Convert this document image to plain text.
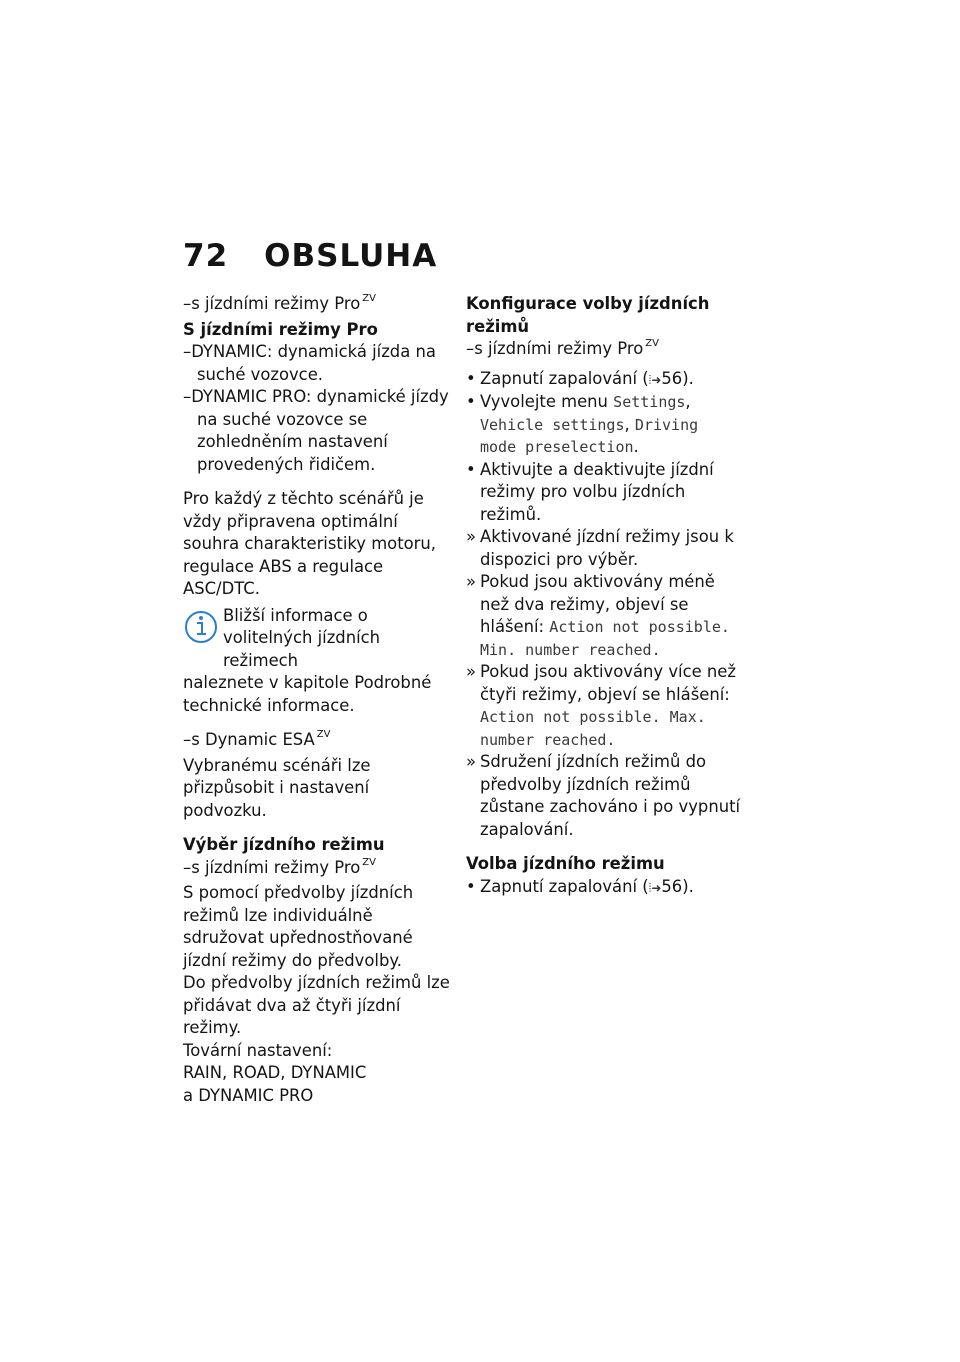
72 OBSLUHA
–s jízdními režimy Pro $^{ZV}$
S jízdními režimy Pro
–DYNAMIC: dynamická jízda na suché vozovce.
–DYNAMIC PRO: dynamické jízdy na suché vozovce se zohledněním nastavení provedených řidičem.
Pro každý z těchto scénářů je vždy připravena optimální souhra charakteristiky motoru, regulace ABS a regulace ASC/DTC.
Bližší informace o volitelných jízdních režimech
naleznete v kapitole Podrobné technické informace.
–s Dynamic ESA $^{ZV}$
Vybranému scénáři lze přizpůsobit i nastavení podvozku.
Výběr jízdního režimu
–s jízdními režimy Pro $^{ZV}$
S pomocí předvolby jízdních režimů lze individuálně sdružovat upřednostňované jízdní režimy do předvolby.
Do předvolby jízdních režimů lze přidávat dva až čtyři jízdní režimy.
Tovární nastavení:
RAIN, ROAD, DYNAMIC
a DYNAMIC PRO
Konfigurace volby jízdních režimů
–s jízdními režimy Pro $^{ZV}$
• Zapnutí zapalování (⦙➜56).
• Vyvolejte menu Settings, Vehicle settings, Driving mode preselection.
• Aktivujte a deaktivujte jízdní režimy pro volbu jízdních režimů.
» Aktivované jízdní režimy jsou k dispozici pro výběr.
» Pokud jsou aktivovány méně než dva režimy, objeví se hlášení: Action not possible. Min. number reached.
» Pokud jsou aktivovány více než čtyři režimy, objeví se hlášení: Action not possible. Max. number reached.
» Sdružení jízdních režimů do předvolby jízdních režimů zůstane zachováno i po vypnutí zapalování.
Volba jízdního režimu
• Zapnutí zapalování (⦙➜56).
